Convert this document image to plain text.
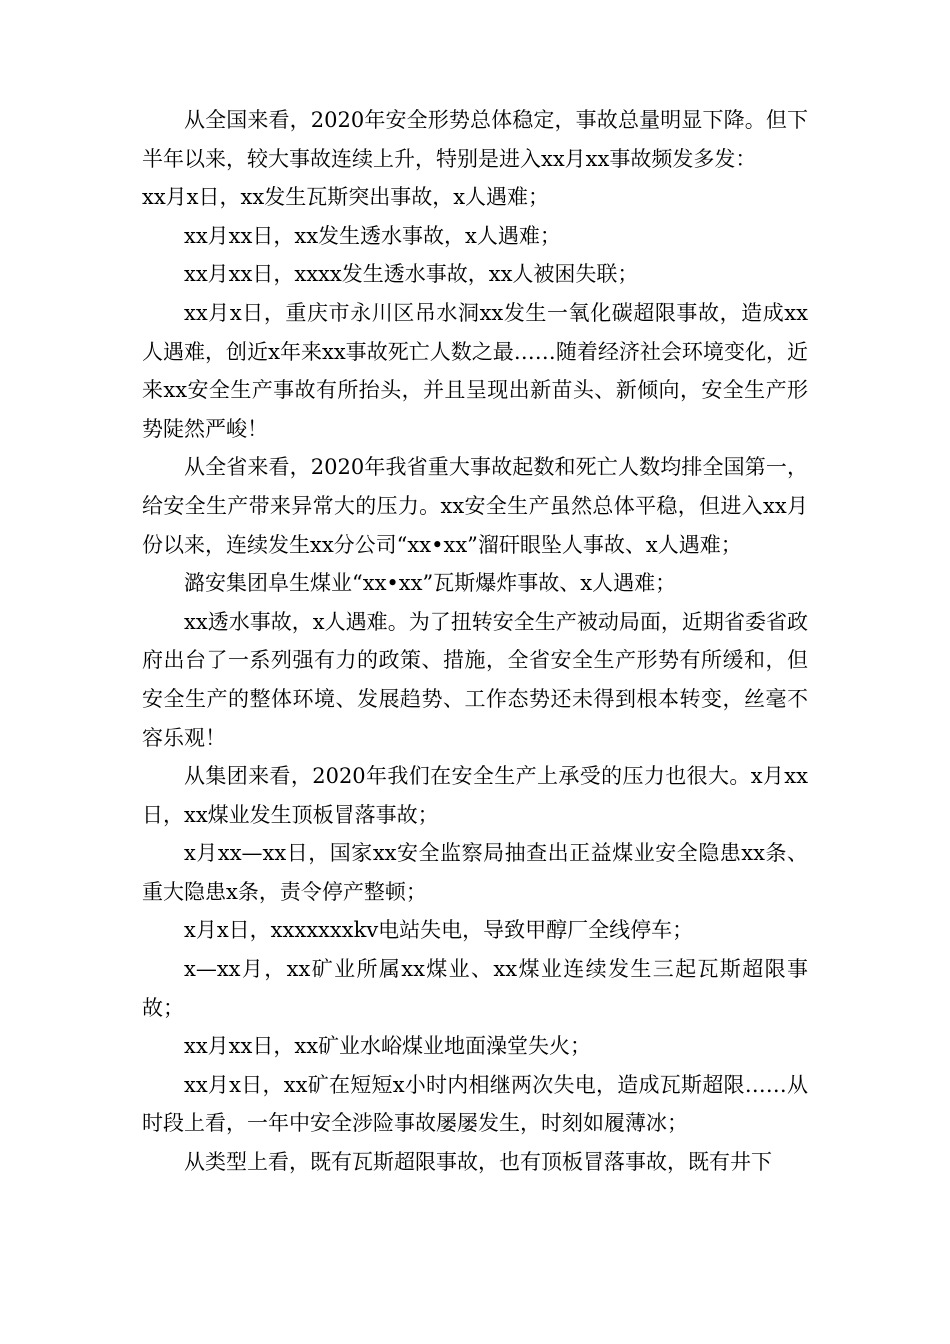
从全国来看，2020年安全形势总体稳定，事故总量明显下降。但下半年以来，较大事故连续上升，特别是进入xx月xx事故频发多发：

xx月x日，xx发生瓦斯突出事故，x人遇难；

xx月xx日，xx发生透水事故，x人遇难；

xx月xx日，xxxx发生透水事故，xx人被困失联；

xx月x日，重庆市永川区吊水洞xx发生一氧化碳超限事故，造成xx人遇难，创近x年来xx事故死亡人数之最……随着经济社会环境变化，近来xx安全生产事故有所抬头，并且呈现出新苗头、新倾向，安全生产形势陡然严峻！

从全省来看，2020年我省重大事故起数和死亡人数均排全国第一，给安全生产带来异常大的压力。xx安全生产虽然总体平稳，但进入xx月份以来，连续发生xx分公司“xx•xx”溜矸眼坠人事故、x人遇难；

潞安集团阜生煤业“xx•xx”瓦斯爆炸事故、x人遇难；

xx透水事故，x人遇难。为了扭转安全生产被动局面，近期省委省政府出台了一系列强有力的政策、措施，全省安全生产形势有所缓和，但安全生产的整体环境、发展趋势、工作态势还未得到根本转变，丝毫不容乐观！

从集团来看，2020年我们在安全生产上承受的压力也很大。x月xx日，xx煤业发生顶板冒落事故；

x月xx—xx日，国家xx安全监察局抽查出正益煤业安全隐患xx条、重大隐患x条，责令停产整顿；

x月x日，xxxxxxxkv电站失电，导致甲醇厂全线停车；

x—xx月，xx矿业所属xx煤业、xx煤业连续发生三起瓦斯超限事故；

xx月xx日，xx矿业水峪煤业地面澡堂失火；

xx月x日，xx矿在短短x小时内相继两次失电，造成瓦斯超限……从时段上看，一年中安全涉险事故屡屡发生，时刻如履薄冰；

从类型上看，既有瓦斯超限事故，也有顶板冒落事故，既有井下
